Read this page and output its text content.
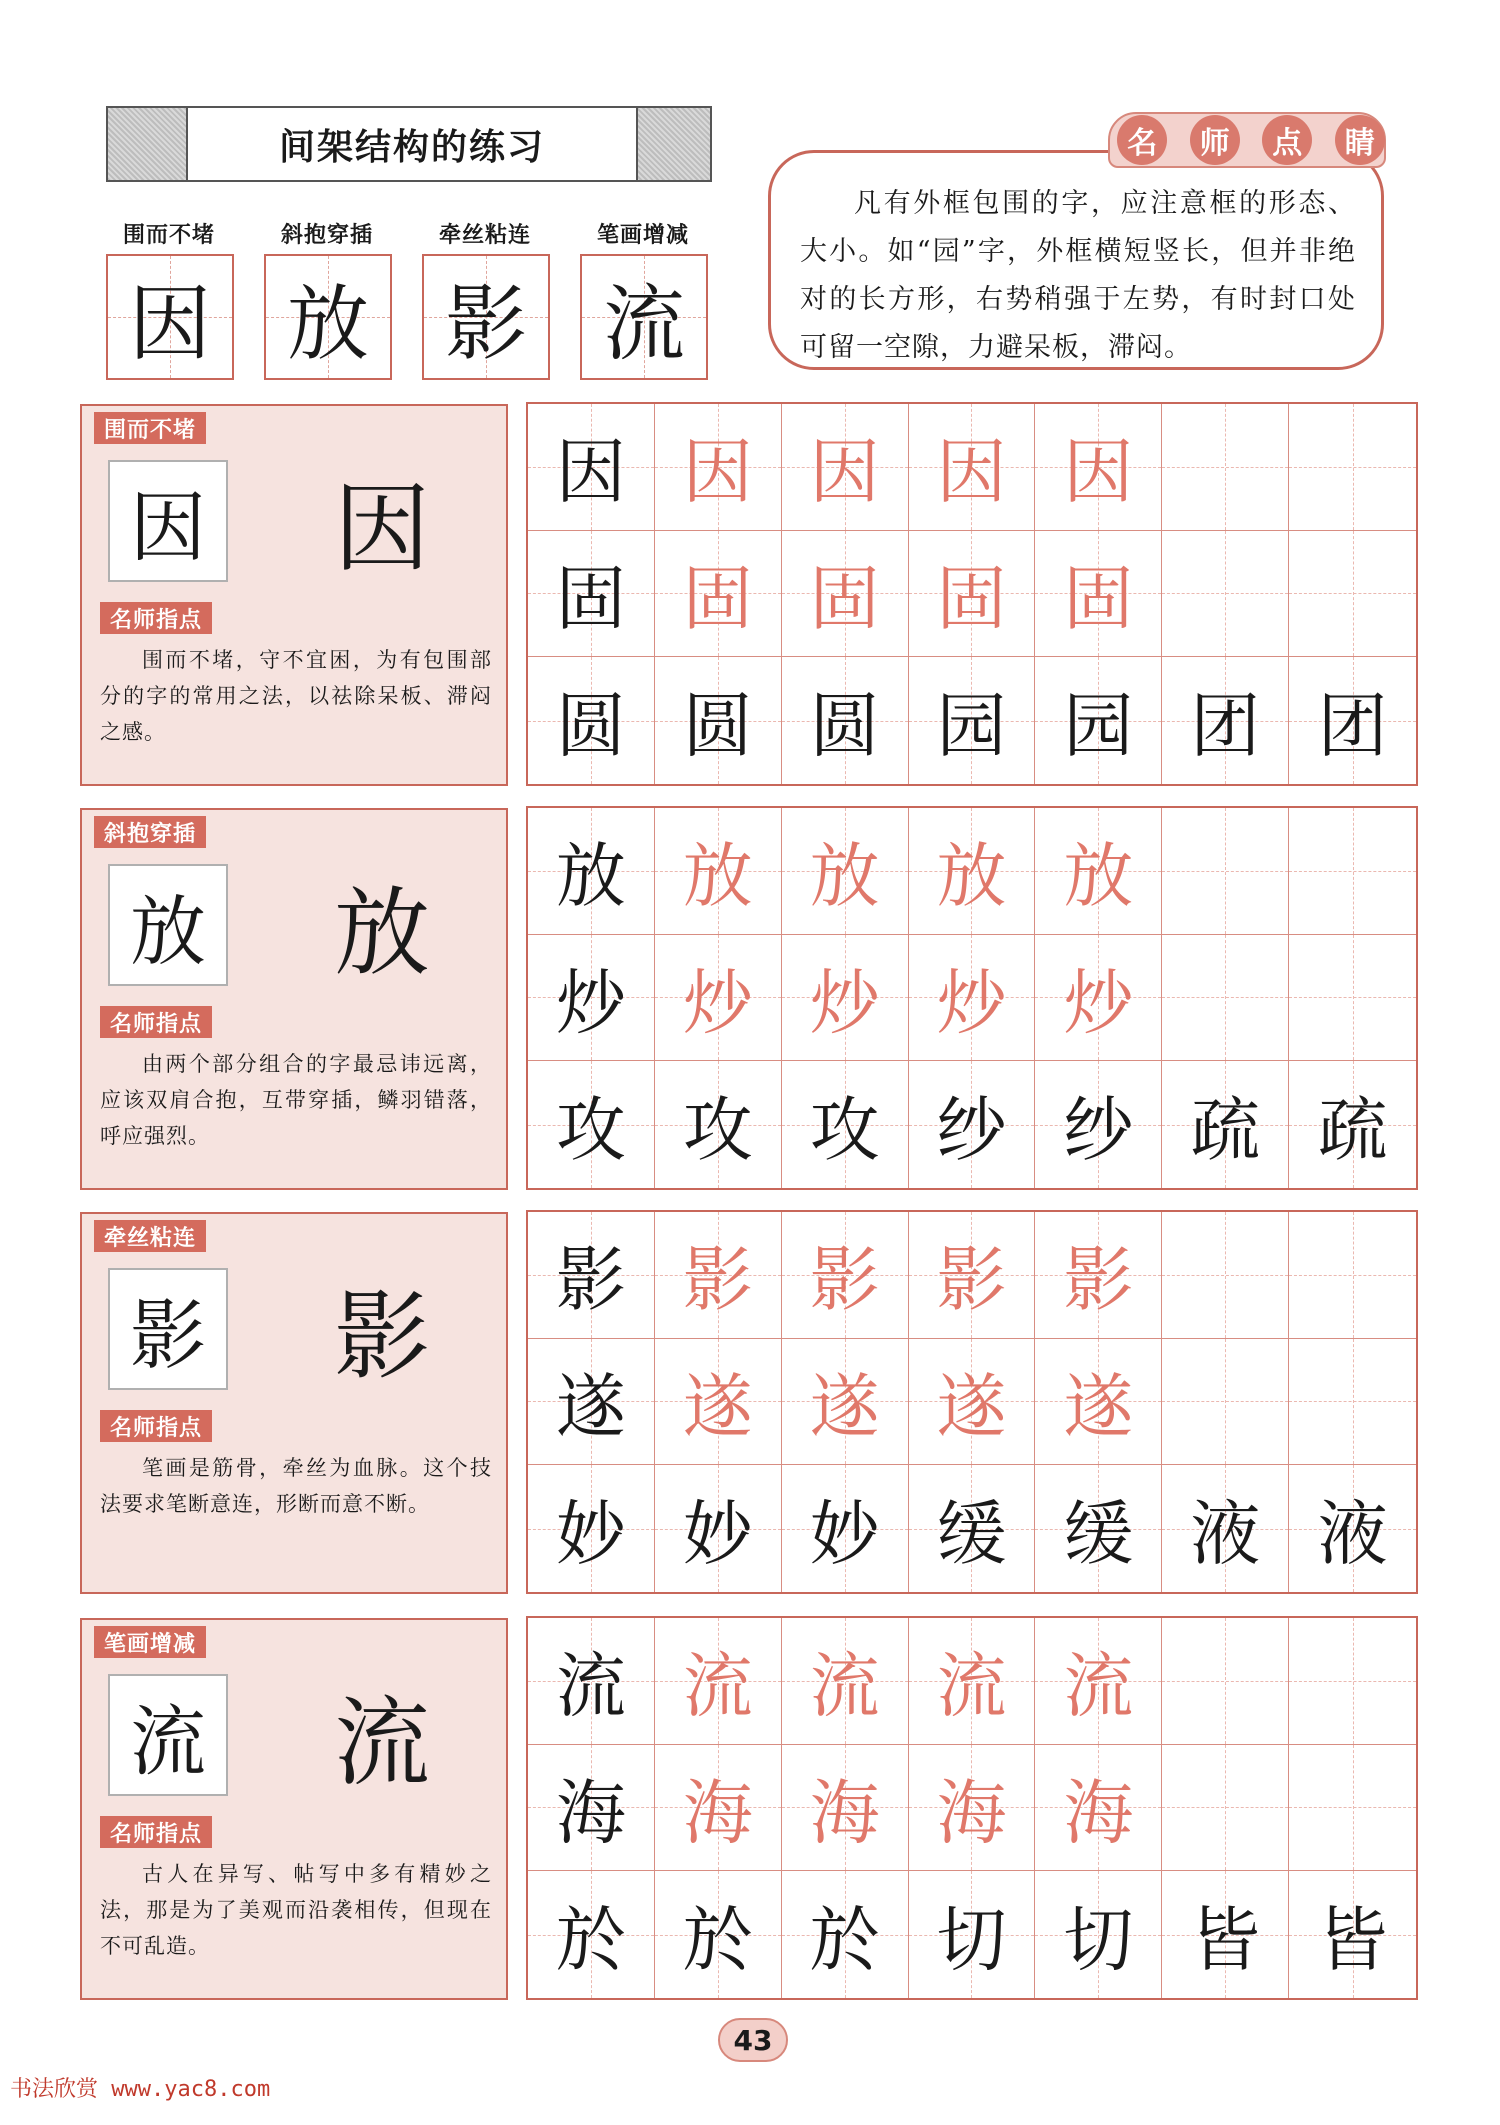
间架结构的练习
围而不堵	斜抱穿插	牵丝粘连	笔画增减
因 放 影 流
名	师	点	睛
凡有外框包围的字，应注意框的形态、大小。如“园”字，外框横短竖长，但并非绝对的长方形，右势稍强于左势，有时封口处可留一空隙，力避呆板，滞闷。
围而不堵
因 因
名师指点
围而不堵，守不宜困，为有包围部分的字的常用之法，以祛除呆板、滞闷之感。
因 因 因 因 因
固 固 固 固 固
圆 圆 圆 园 园 团 团
斜抱穿插
放 放
名师指点
由两个部分组合的字最忌讳远离，应该双肩合抱，互带穿插，鳞羽错落，呼应强烈。
放 放 放 放 放
炒 炒 炒 炒 炒
攻 攻 攻 纱 纱 疏 疏
牵丝粘连
影 影
名师指点
笔画是筋骨，牵丝为血脉。这个技法要求笔断意连，形断而意不断。
影 影 影 影 影
遂 遂 遂 遂 遂
妙 妙 妙 缓 缓 液 液
笔画增减
流 流
名师指点
古人在异写、帖写中多有精妙之法，那是为了美观而沿袭相传，但现在不可乱造。
流 流 流 流 流
海 海 海 海 海
於 於 於 切 切 皆 皆
43
书法欣赏 www.yac8.com
